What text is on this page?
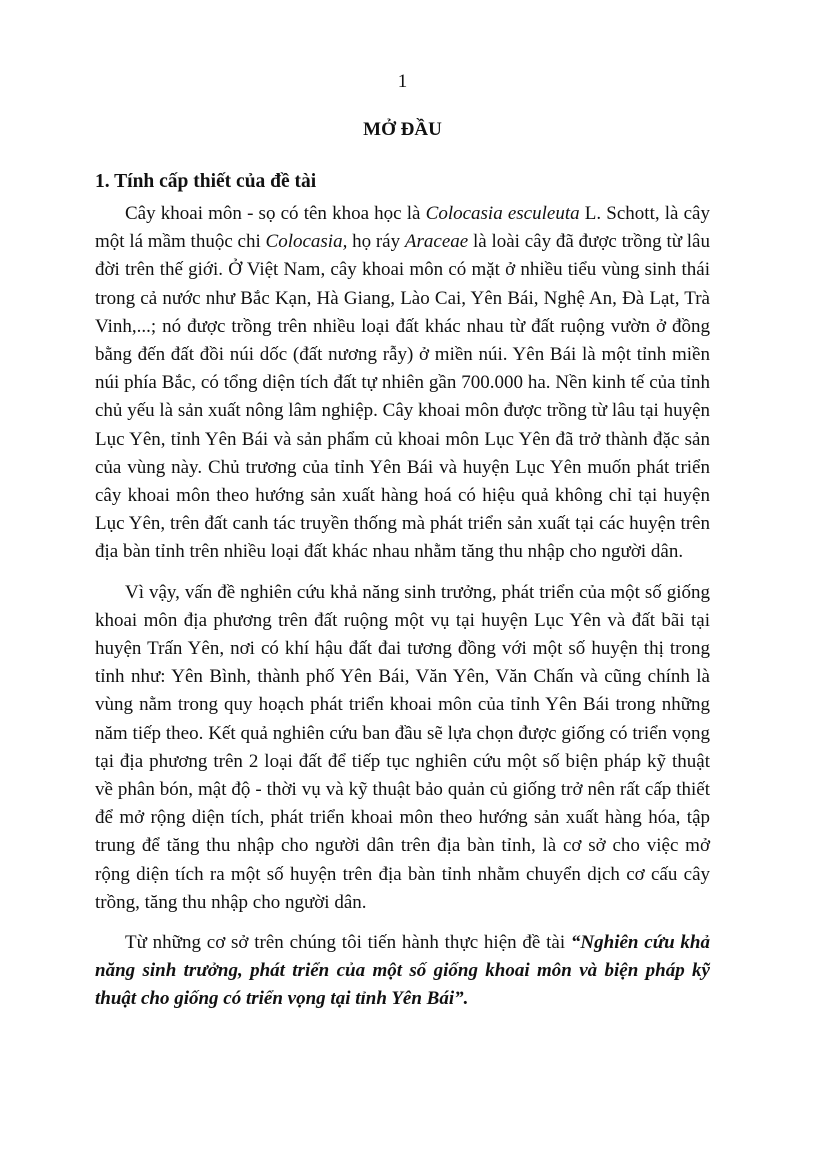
1
MỞ ĐẦU
1. Tính cấp thiết của đề tài

Cây khoai môn - sọ có tên khoa học là Colocasia esculeuta L. Schott, là cây một lá mầm thuộc chi Colocasia, họ ráy Araceae là loài cây đã được trồng từ lâu đời trên thế giới. Ở Việt Nam, cây khoai môn có mặt ở nhiều tiểu vùng sinh thái trong cả nước như Bắc Kạn, Hà Giang, Lào Cai, Yên Bái, Nghệ An, Đà Lạt, Trà Vinh,...; nó được trồng trên nhiều loại đất khác nhau từ đất ruộng vườn ở đồng bằng đến đất đồi núi dốc (đất nương rẫy) ở miền núi. Yên Bái là một tỉnh miền núi phía Bắc, có tổng diện tích đất tự nhiên gần 700.000 ha. Nền kinh tế của tỉnh chủ yếu là sản xuất nông lâm nghiệp. Cây khoai môn được trồng từ lâu tại huyện Lục Yên, tỉnh Yên Bái và sản phẩm củ khoai môn Lục Yên đã trở thành đặc sản của vùng này. Chủ trương của tỉnh Yên Bái và huyện Lục Yên muốn phát triển cây khoai môn theo hướng sản xuất hàng hoá có hiệu quả không chỉ tại huyện Lục Yên, trên đất canh tác truyền thống mà phát triển sản xuất tại các huyện trên địa bàn tỉnh trên nhiều loại đất khác nhau nhằm tăng thu nhập cho người dân.

Vì vậy, vấn đề nghiên cứu khả năng sinh trưởng, phát triển của một số giống khoai môn địa phương trên đất ruộng một vụ tại huyện Lục Yên và đất bãi tại huyện Trấn Yên, nơi có khí hậu đất đai tương đồng với một số huyện thị trong tỉnh như: Yên Bình, thành phố Yên Bái, Văn Yên, Văn Chấn và cũng chính là vùng nằm trong quy hoạch phát triển khoai môn của tỉnh Yên Bái trong những năm tiếp theo. Kết quả nghiên cứu ban đầu sẽ lựa chọn được giống có triển vọng tại địa phương trên 2 loại đất để tiếp tục nghiên cứu một số biện pháp kỹ thuật về phân bón, mật độ - thời vụ và kỹ thuật bảo quản củ giống trở nên rất cấp thiết để mở rộng diện tích, phát triển khoai môn theo hướng sản xuất hàng hóa, tập trung để tăng thu nhập cho người dân trên địa bàn tỉnh, là cơ sở cho việc mở rộng diện tích ra một số huyện trên địa bàn tỉnh nhằm chuyển dịch cơ cấu cây trồng, tăng thu nhập cho người dân.

Từ những cơ sở trên chúng tôi tiến hành thực hiện đề tài “Nghiên cứu khả năng sinh trưởng, phát triển của một số giống khoai môn và biện pháp kỹ thuật cho giống có triển vọng tại tỉnh Yên Bái”.
